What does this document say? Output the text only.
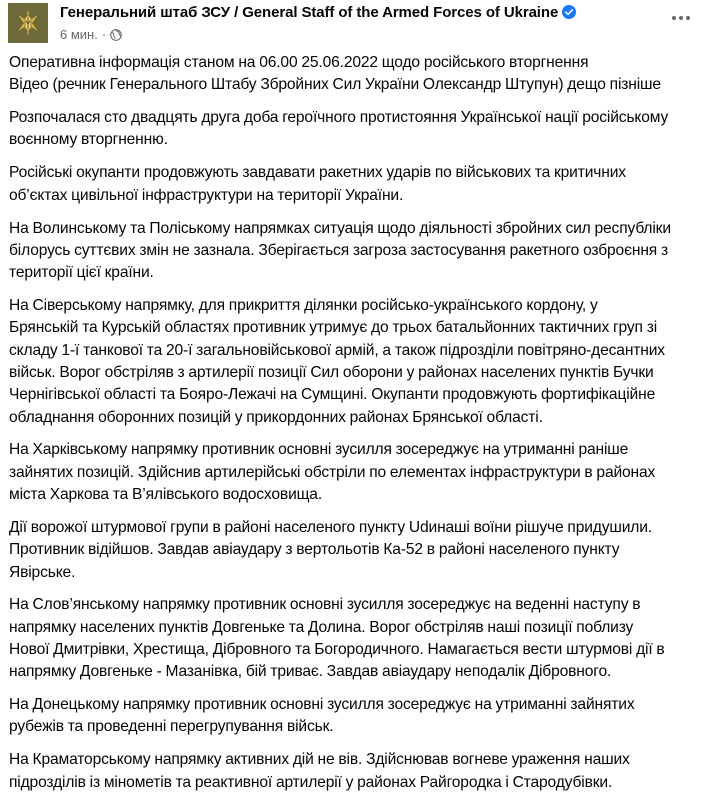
Генеральний штаб ЗСУ / General Staff of the Armed Forces of Ukraine
6 мин. ·

Оперативна інформація станом на 06.00 25.06.2022 щодо російського вторгнення
Відео (речник Генерального Штабу Збройних Сил України Олександр Штупун) дещо пізніше

Розпочалася сто двадцять друга доба героїчного протистояння Української нації російському
воєнному вторгненню.

Російські окупанти продовжують завдавати ракетних ударів по військових та критичних
об’єктах цивільної інфраструктури на території України.

На Волинському та Поліському напрямках ситуація щодо діяльності збройних сил республіки
білорусь суттєвих змін не зазнала. Зберігається загроза застосування ракетного озброєння з
території цієї країни.

На Сіверському напрямку, для прикриття ділянки російсько-українського кордону, у
Брянській та Курській областях противник утримує до трьох батальйонних тактичних груп зі
складу 1-ї танкової та 20-ї загальновійськової армій, а також підрозділи повітряно-десантних
військ. Ворог обстріляв з артилерії позиції Сил оборони у районах населених пунктів Бучки
Чернігівської області та Бояро-Лежачі на Сумщині. Окупанти продовжують фортифікаційне
обладнання оборонних позицій у прикордонних районах Брянської області.

На Харківському напрямку противник основні зусилля зосереджує на утриманні раніше
зайнятих позицій. Здійснив артилерійські обстріли по елементах інфраструктури в районах
міста Харкова та В’ялівського водосховища.

Дії ворожої штурмової групи в районі населеного пункту Udинаші воїни рішуче придушили.
Противник відійшов. Завдав авіаудару з вертольотів Ка-52 в районі населеного пункту
Явірське.

На Слов’янському напрямку противник основні зусилля зосереджує на веденні наступу в
напрямку населених пунктів Довгеньке та Долина. Ворог обстріляв наші позиції поблизу
Нової Дмитрівки, Хрестища, Дібровного та Богородичного. Намагається вести штурмові дії в
напрямку Довгеньке - Мазанівка, бій триває. Завдав авіаудару неподалік Дібровного.

На Донецькому напрямку противник основні зусилля зосереджує на утриманні зайнятих
рубежів та проведенні перегрупування військ.

На Краматорському напрямку активних дій не вів. Здійснював вогневе ураження наших
підрозділів із мінометів та реактивної артилерії у районах Райгородка і Стародубівки.
